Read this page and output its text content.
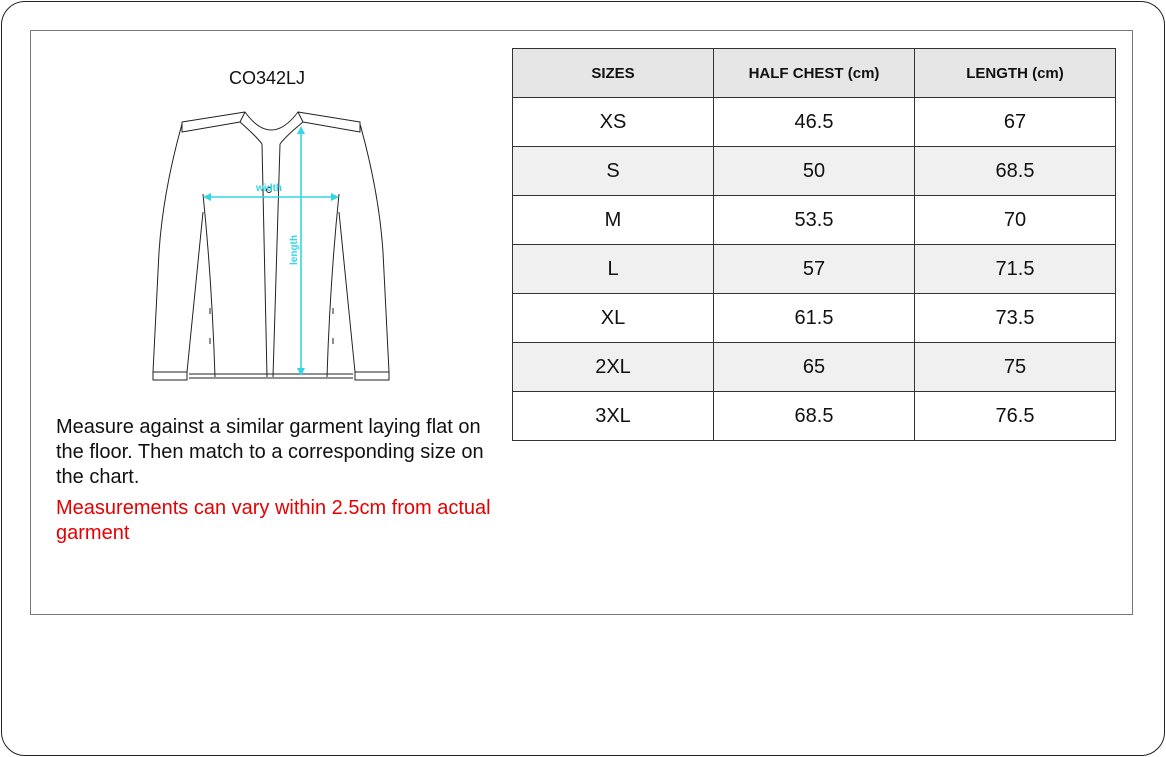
CO342LJ
width
length

Measure against a similar garment laying flat on the floor. Then match to a corresponding size on the chart.

Measurements can vary within 2.5cm from actual garment

SIZES	HALF CHEST (cm)	LENGTH (cm)
XS	46.5	67
S	50	68.5
M	53.5	70
L	57	71.5
XL	61.5	73.5
2XL	65	75
3XL	68.5	76.5
